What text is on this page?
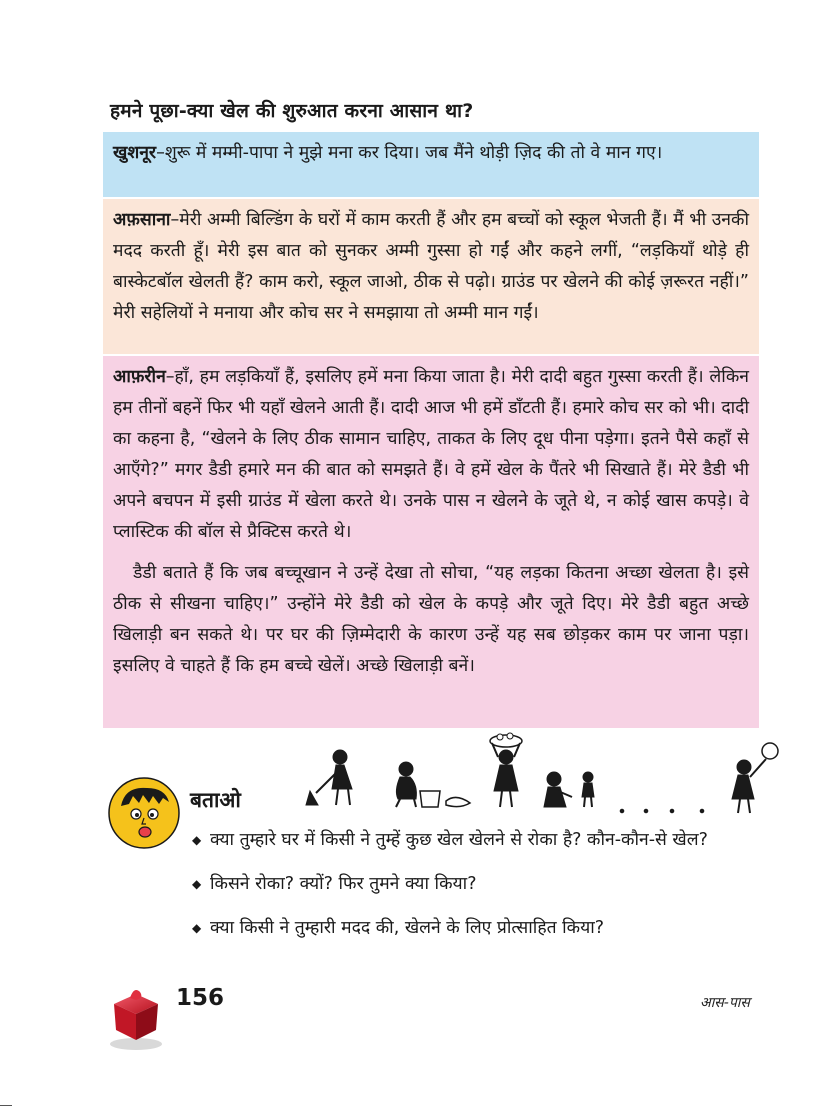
हमने पूछा-क्या खेल की शुरुआत करना आसान था?

खुशनूर–शुरू में मम्मी-पापा ने मुझे मना कर दिया। जब मैंने थोड़ी ज़िद की तो वे मान गए।

अफ़साना–मेरी अम्मी बिल्डिंग के घरों में काम करती हैं और हम बच्चों को स्कूल भेजती हैं। मैं भी उनकी मदद करती हूँ। मेरी इस बात को सुनकर अम्मी गुस्सा हो गईं और कहने लगीं, “लड़कियाँ थोड़े ही बास्केटबॉल खेलती हैं? काम करो, स्कूल जाओ, ठीक से पढ़ो। ग्राउंड पर खेलने की कोई ज़रूरत नहीं।” मेरी सहेलियों ने मनाया और कोच सर ने समझाया तो अम्मी मान गईं।

आफ़रीन–हाँ, हम लड़कियाँ हैं, इसलिए हमें मना किया जाता है। मेरी दादी बहुत गुस्सा करती हैं। लेकिन हम तीनों बहनें फिर भी यहाँ खेलने आती हैं। दादी आज भी हमें डाँटती हैं। हमारे कोच सर को भी। दादी का कहना है, “खेलने के लिए ठीक सामान चाहिए, ताकत के लिए दूध पीना पड़ेगा। इतने पैसे कहाँ से आएँगे?” मगर डैडी हमारे मन की बात को समझते हैं। वे हमें खेल के पैंतरे भी सिखाते हैं। मेरे डैडी भी अपने बचपन में इसी ग्राउंड में खेला करते थे। उनके पास न खेलने के जूते थे, न कोई खास कपड़े। वे प्लास्टिक की बॉल से प्रैक्टिस करते थे।

डैडी बताते हैं कि जब बच्चूखान ने उन्हें देखा तो सोचा, “यह लड़का कितना अच्छा खेलता है। इसे ठीक से सीखना चाहिए।” उन्होंने मेरे डैडी को खेल के कपड़े और जूते दिए। मेरे डैडी बहुत अच्छे खिलाड़ी बन सकते थे। पर घर की ज़िम्मेदारी के कारण उन्हें यह सब छोड़कर काम पर जाना पड़ा। इसलिए वे चाहते हैं कि हम बच्चे खेलें। अच्छे खिलाड़ी बनें।

बताओ
◆ क्या तुम्हारे घर में किसी ने तुम्हें कुछ खेल खेलने से रोका है? कौन-कौन-से खेल?
◆ किसने रोका? क्यों? फिर तुमने क्या किया?
◆ क्या किसी ने तुम्हारी मदद की, खेलने के लिए प्रोत्साहित किया?
156	आस-पास
